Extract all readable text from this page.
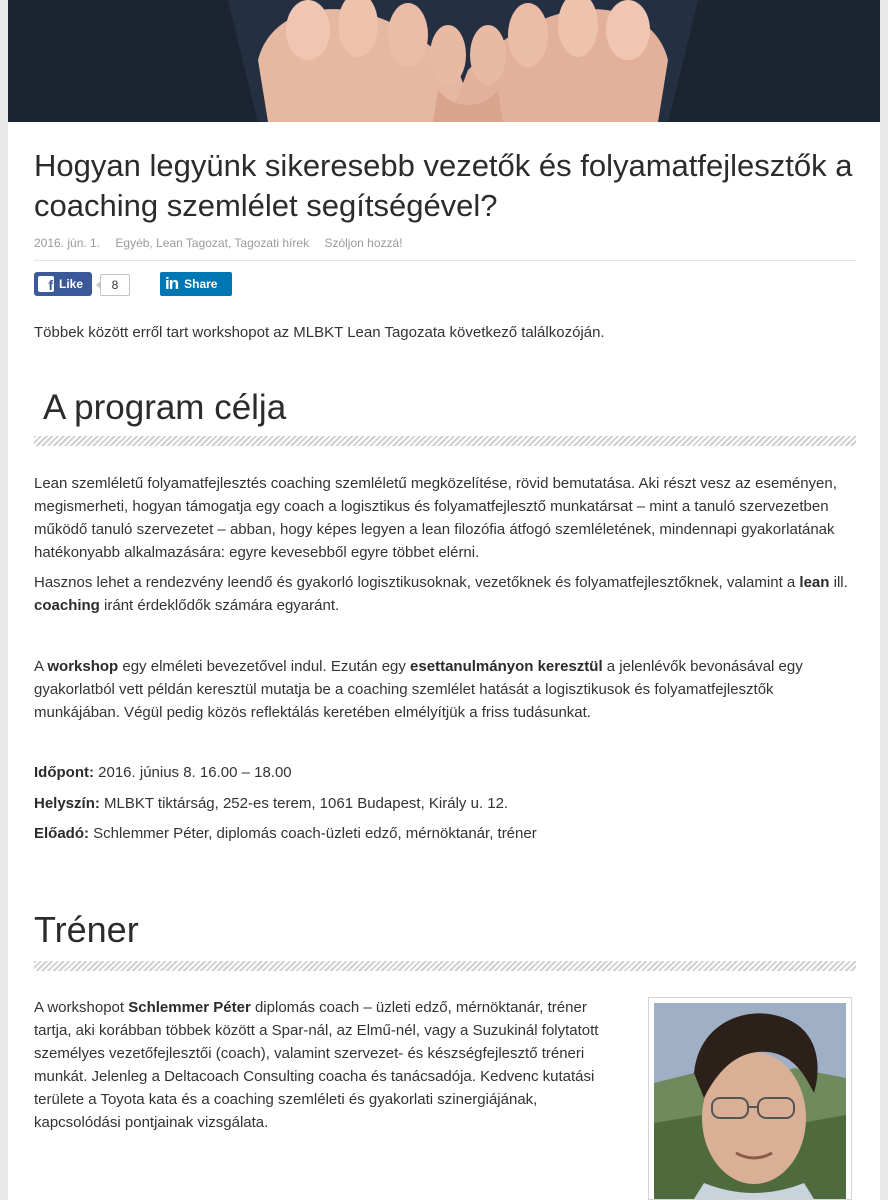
Hogyan legyünk sikeresebb vezetők és folyamatfejlesztők a coaching szemlélet segítségével?
2016. jún. 1. Egyéb, Lean Tagozat, Tagozati hírek Szóljon hozzá!
f Like	8	in Share

Többek között erről tart workshopot az MLBKT Lean Tagozata következő találkozóján.

A program célja

Lean szemléletű folyamatfejlesztés coaching szemléletű megközelítése, rövid bemutatása. Aki részt vesz az eseményen, megismerheti, hogyan támogatja egy coach a logisztikus és folyamatfejlesztő munkatársat – mint a tanuló szervezetben működő tanuló szervezetet – abban, hogy képes legyen a lean filozófia átfogó szemléletének, mindennapi gyakorlatának hatékonyabb alkalmazására: egyre kevesebből egyre többet elérni.

Hasznos lehet a rendezvény leendő és gyakorló logisztikusoknak, vezetőknek és folyamatfejlesztőknek, valamint a lean ill. coaching iránt érdeklődők számára egyaránt.

A workshop egy elméleti bevezetővel indul. Ezután egy esettanulmányon keresztül a jelenlévők bevonásával egy gyakorlatból vett példán keresztül mutatja be a coaching szemlélet hatását a logisztikusok és folyamatfejlesztők munkájában. Végül pedig közös reflektálás keretében elmélyítjük a friss tudásunkat.

Időpont: 2016. június 8. 16.00 – 18.00

Helyszín: MLBKT tiktárság, 252-es terem, 1061 Budapest, Király u. 12.

Előadó: Schlemmer Péter, diplomás coach-üzleti edző, mérnöktanár, tréner

Tréner

A workshopot Schlemmer Péter diplomás coach – üzleti edző, mérnöktanár, tréner tartja, aki korábban többek között a Spar-nál, az Elmű-nél, vagy a Suzukinál folytatott személyes vezetőfejlesztői (coach), valamint szervezet- és készségfejlesztő tréneri munkát. Jelenleg a Deltacoach Consulting coacha és tanácsadója. Kedvenc kutatási területe a Toyota kata és a coaching szemléleti és gyakorlati szinergiájának, kapcsolódási pontjainak vizsgálata.
